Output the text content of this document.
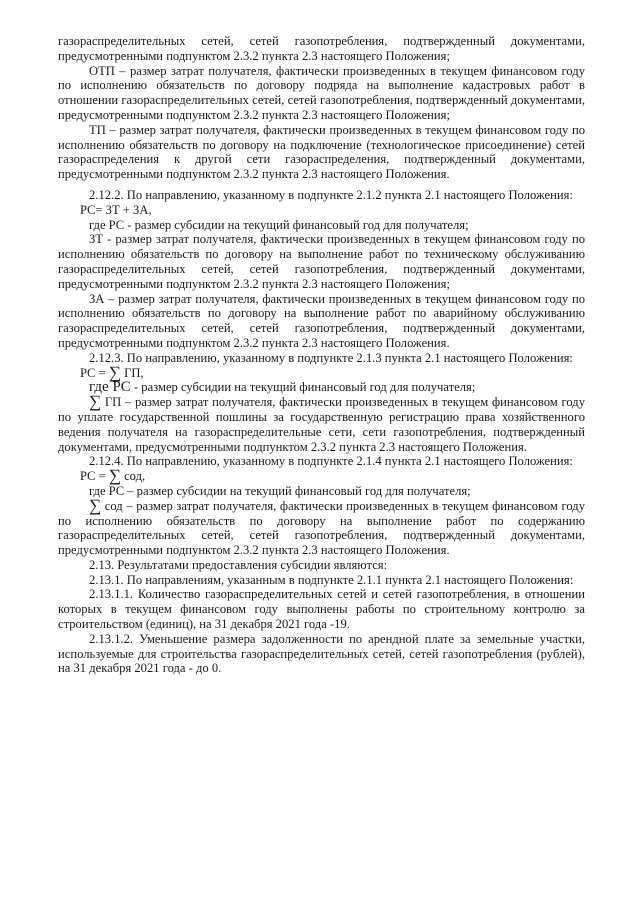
газораспределительных сетей, сетей газопотребления, подтвержденный документами, предусмотренными подпунктом 2.3.2 пункта 2.3 настоящего Положения;

ОТП – размер затрат получателя, фактически произведенных в текущем финансовом году по исполнению обязательств по договору подряда на выполнение кадастровых работ в отношении газораспределительных сетей, сетей газопотребления, подтвержденный документами, предусмотренными подпунктом 2.3.2 пункта 2.3 настоящего Положения;

ТП – размер затрат получателя, фактически произведенных в текущем финансовом году по исполнению обязательств по договору на подключение (технологическое присоединение) сетей газораспределения к другой сети газораспределения, подтвержденный документами, предусмотренными подпунктом 2.3.2 пункта 2.3 настоящего Положения.

2.12.2. По направлению, указанному в подпункте 2.1.2 пункта 2.1 настоящего Положения:

PC= ЗТ + ЗА,

где PC - размер субсидии на текущий финансовый год для получателя;

ЗТ - размер затрат получателя, фактически произведенных в текущем финансовом году по исполнению обязательств по договору на выполнение работ по техническому обслуживанию газораспределительных сетей, сетей газопотребления, подтвержденный документами, предусмотренными подпунктом 2.3.2 пункта 2.3 настоящего Положения;

ЗА – размер затрат получателя, фактически произведенных в текущем финансовом году по исполнению обязательств по договору на выполнение работ по аварийному обслуживанию газораспределительных сетей, сетей газопотребления, подтвержденный документами, предусмотренными подпунктом 2.3.2 пункта 2.3 настоящего Положения.

2.12.3. По направлению, указанному в подпункте 2.1.3 пункта 2.1 настоящего Положения:

PC = ∑ ГП,

где PC - размер субсидии на текущий финансовый год для получателя;

∑ ГП – размер затрат получателя, фактически произведенных в текущем финансовом году по уплате государственной пошлины за государственную регистрацию права хозяйственного ведения получателя на газораспределительные сети, сети газопотребления, подтвержденный документами, предусмотренными подпунктом 2.3.2 пункта 2.3 настоящего Положения.

2.12.4. По направлению, указанному в подпункте 2.1.4 пункта 2.1 настоящего Положения:

PC = ∑ сод,

где PC – размер субсидии на текущий финансовый год для получателя;

∑ сод – размер затрат получателя, фактически произведенных в текущем финансовом году по исполнению обязательств по договору на выполнение работ по содержанию газораспределительных сетей, сетей газопотребления, подтвержденный документами, предусмотренными подпунктом 2.3.2 пункта 2.3 настоящего Положения.

2.13. Результатами предоставления субсидии являются:

2.13.1. По направлениям, указанным в подпункте 2.1.1 пункта 2.1 настоящего Положения:

2.13.1.1. Количество газораспределительных сетей и сетей газопотребления, в отношении которых в текущем финансовом году выполнены работы по строительному контролю за строительством (единиц), на 31 декабря 2021 года -19.

2.13.1.2. Уменьшение размера задолженности по арендной плате за земельные участки, используемые для строительства газораспределительных сетей, сетей газопотребления (рублей), на 31 декабря 2021 года - до 0.
